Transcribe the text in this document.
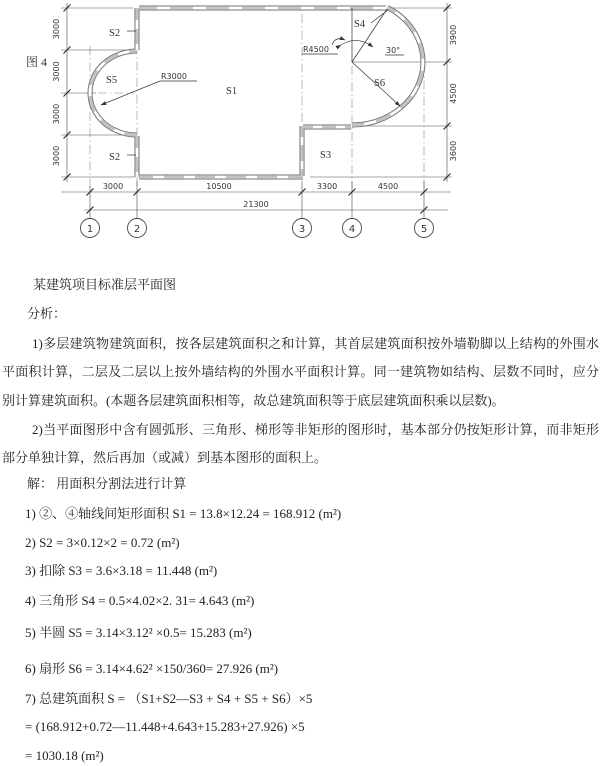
1	2	3	4	5
3000
3000
3000
3000
3900
4500
3600
3000	10500	3300	4500
21300
图 4
S2
S5
S1
S2	S3
S4
S6
R3000
R4500	30°
某建筑项目标准层平面图
分析：
1)多层建筑物建筑面积，按各层建筑面积之和计算，其首层建筑面积按外墙勒脚以上结构的外围水平面积计算，二层及二层以上按外墙结构的外围水平面积计算。同一建筑物如结构、层数不同时，应分别计算建筑面积。(本题各层建筑面积相等，故总建筑面积等于底层建筑面积乘以层数)。
2)当平面图形中含有圆弧形、三角形、梯形等非矩形的图形时，基本部分仍按矩形计算，而非矩形部分单独计算，然后再加（或减）到基本图形的面积上。
解： 用面积分割法进行计算
1) ②、④轴线间矩形面积 S1 = 13.8×12.24 = 168.912 (m²)
2) S2 = 3×0.12×2 = 0.72 (m²)
3) 扣除 S3 = 3.6×3.18 = 11.448 (m²)
4) 三角形 S4 = 0.5×4.02×2. 31= 4.643 (m²)
5) 半圆 S5 = 3.14×3.12² ×0.5= 15.283 (m²)
6) 扇形 S6 = 3.14×4.62² ×150/360= 27.926 (m²)
7) 总建筑面积 S = （S1+S2—S3 + S4 + S5 + S6）×5
= (168.912+0.72—11.448+4.643+15.283+27.926) ×5
= 1030.18 (m²)
